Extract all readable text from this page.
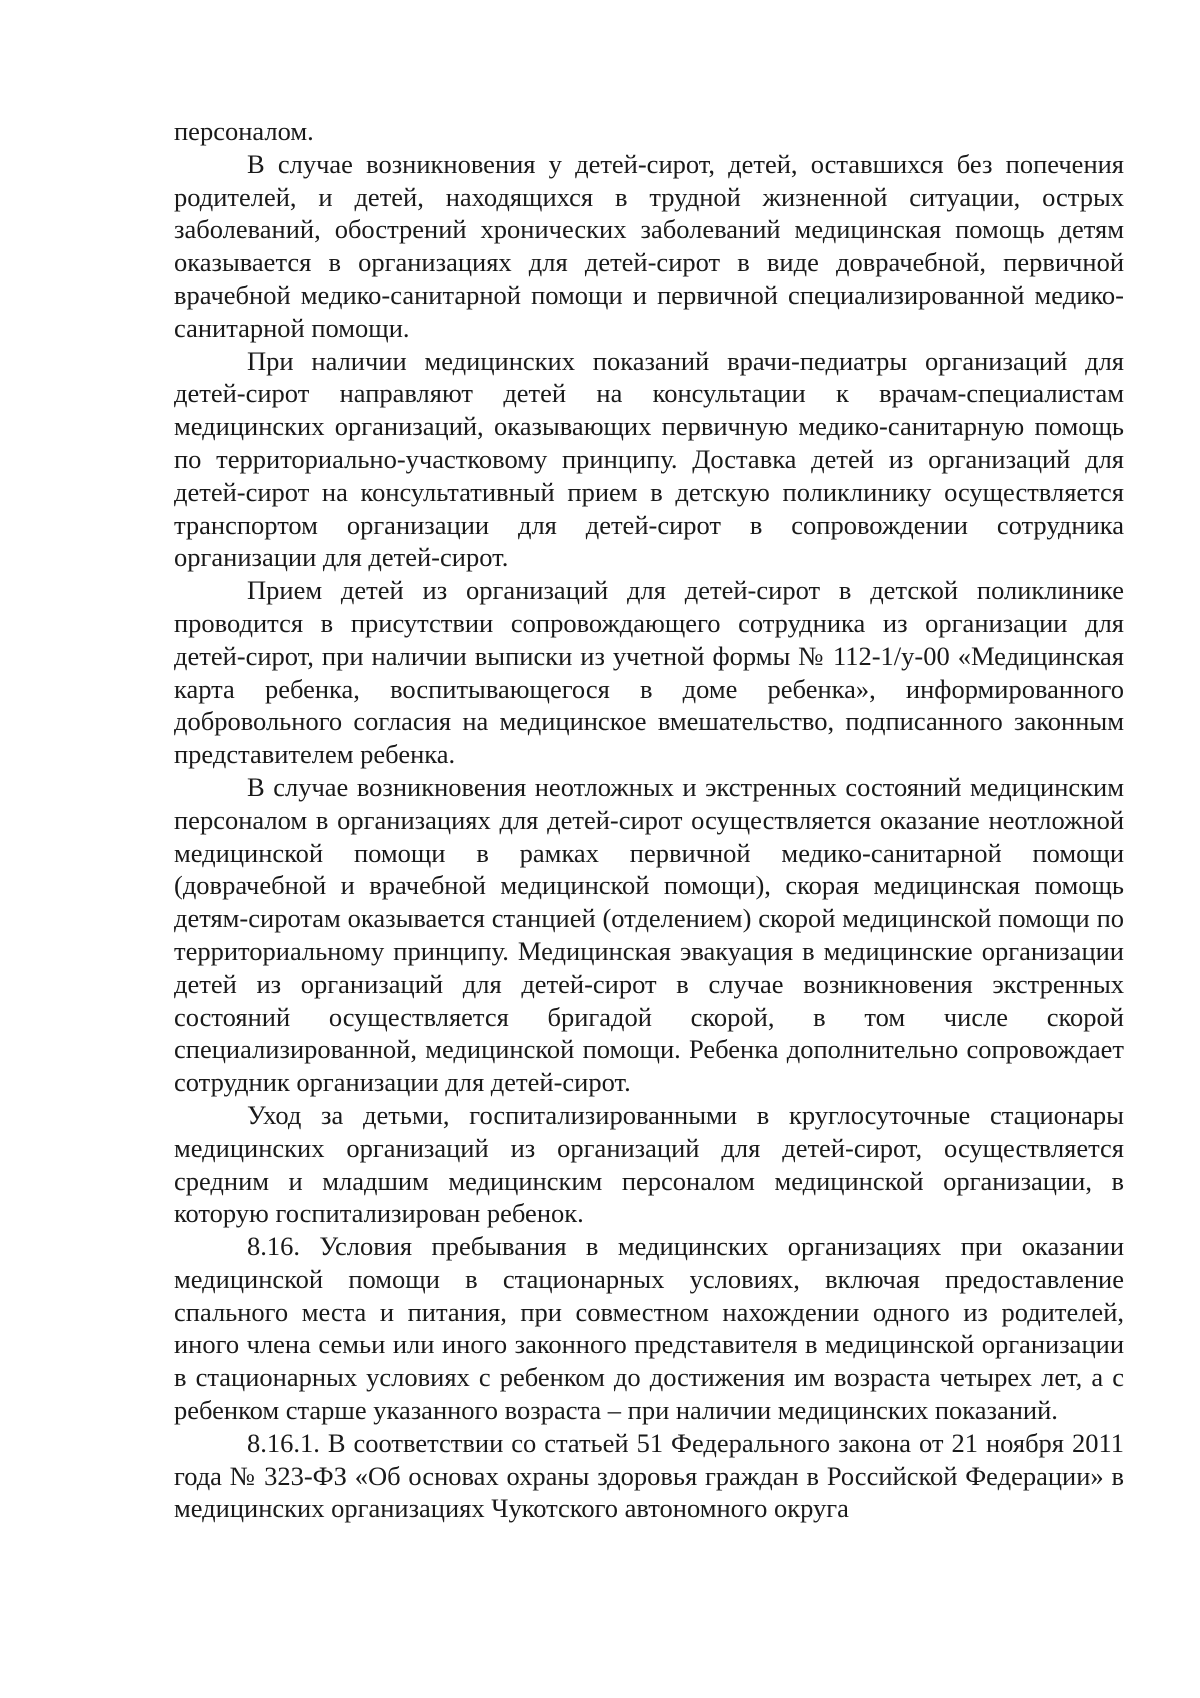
персоналом.

В случае возникновения у детей-сирот, детей, оставшихся без попечения родителей, и детей, находящихся в трудной жизненной ситуации, острых заболеваний, обострений хронических заболеваний медицинская помощь детям оказывается в организациях для детей-сирот в виде доврачебной, первичной врачебной медико-санитарной помощи и первичной специализированной медико-санитарной помощи.

При наличии медицинских показаний врачи-педиатры организаций для детей-сирот направляют детей на консультации к врачам-специалистам медицинских организаций, оказывающих первичную медико-санитарную помощь по территориально-участковому принципу. Доставка детей из организаций для детей-сирот на консультативный прием в детскую поликлинику осуществляется транспортом организации для детей-сирот в сопровождении сотрудника организации для детей-сирот.

Прием детей из организаций для детей-сирот в детской поликлинике проводится в присутствии сопровождающего сотрудника из организации для детей-сирот, при наличии выписки из учетной формы № 112-1/у-00 «Медицинская карта ребенка, воспитывающегося в доме ребенка», информированного добровольного согласия на медицинское вмешательство, подписанного законным представителем ребенка.

В случае возникновения неотложных и экстренных состояний медицинским персоналом в организациях для детей-сирот осуществляется оказание неотложной медицинской помощи в рамках первичной медико-санитарной помощи (доврачебной и врачебной медицинской помощи), скорая медицинская помощь детям-сиротам оказывается станцией (отделением) скорой медицинской помощи по территориальному принципу. Медицинская эвакуация в медицинские организации детей из организаций для детей-сирот в случае возникновения экстренных состояний осуществляется бригадой скорой, в том числе скорой специализированной, медицинской помощи. Ребенка дополнительно сопровождает сотрудник организации для детей-сирот.

Уход за детьми, госпитализированными в круглосуточные стационары медицинских организаций из организаций для детей-сирот, осуществляется средним и младшим медицинским персоналом медицинской организации, в которую госпитализирован ребенок.

8.16. Условия пребывания в медицинских организациях при оказании медицинской помощи в стационарных условиях, включая предоставление спального места и питания, при совместном нахождении одного из родителей, иного члена семьи или иного законного представителя в медицинской организации в стационарных условиях с ребенком до достижения им возраста четырех лет, а с ребенком старше указанного возраста – при наличии медицинских показаний.

8.16.1. В соответствии со статьей 51 Федерального закона от 21 ноября 2011 года № 323-ФЗ «Об основах охраны здоровья граждан в Российской Федерации» в медицинских организациях Чукотского автономного округа
